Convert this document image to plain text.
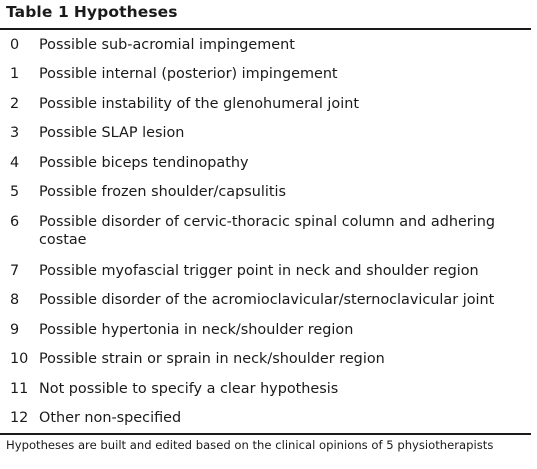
Table 1 Hypotheses
0 Possible sub-acromial impingement
1 Possible internal (posterior) impingement
2 Possible instability of the glenohumeral joint
3 Possible SLAP lesion
4 Possible biceps tendinopathy
5 Possible frozen shoulder/capsulitis
6 Possible disorder of cervic-thoracic spinal column and adhering costae
7 Possible myofascial trigger point in neck and shoulder region
8 Possible disorder of the acromioclavicular/sternoclavicular joint
9 Possible hypertonia in neck/shoulder region
10 Possible strain or sprain in neck/shoulder region
11 Not possible to specify a clear hypothesis
12 Other non-specified
Hypotheses are built and edited based on the clinical opinions of 5 physiotherapists
